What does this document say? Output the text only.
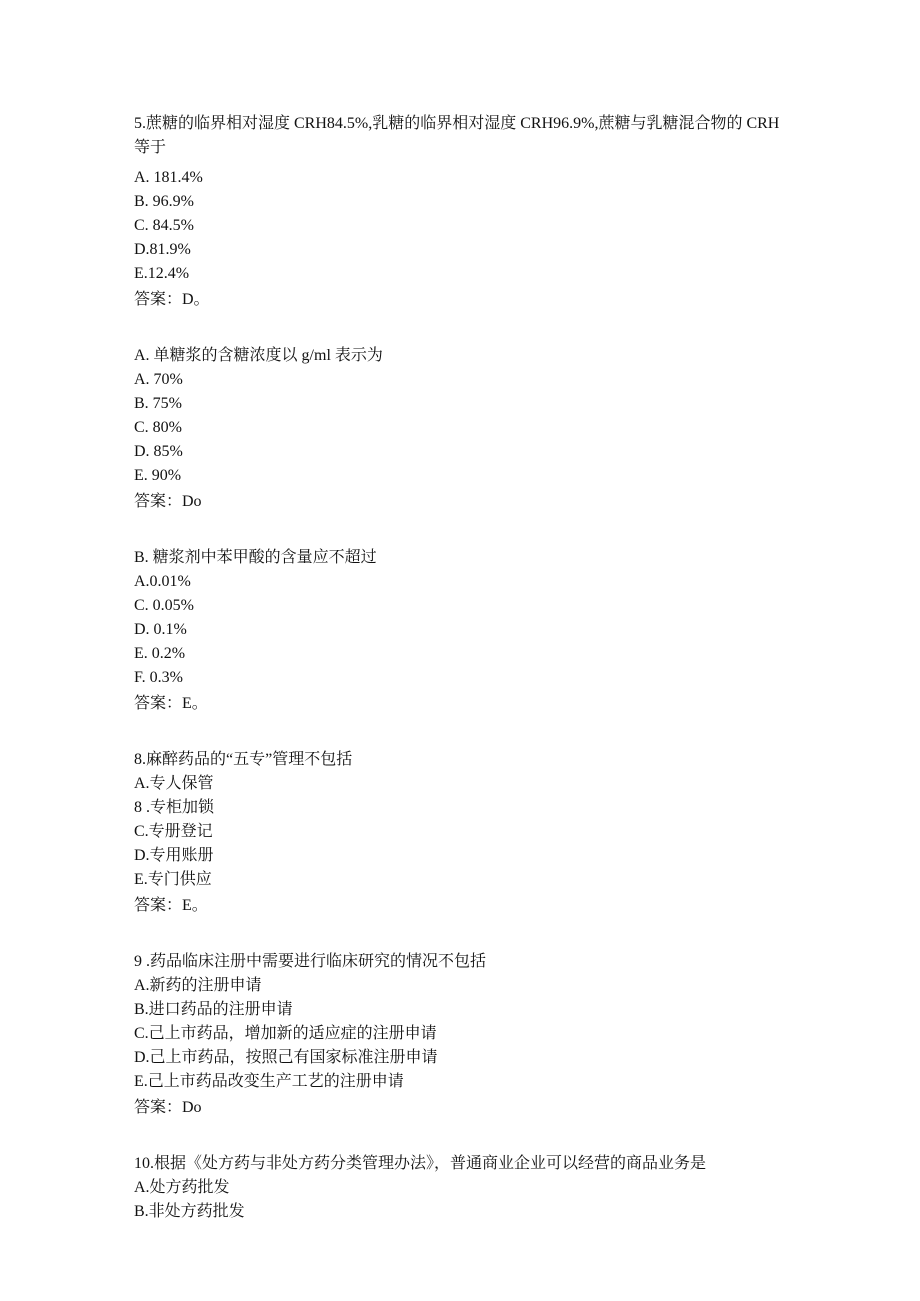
5.蔗糖的临界相对湿度 CRH84.5%,乳糖的临界相对湿度 CRH96.9%,蔗糖与乳糖混合物的 CRH 等于

A. 181.4%

B. 96.9%

C. 84.5%

D.81.9%

E.12.4%

答案：D。

A. 单糖浆的含糖浓度以 g/ml 表示为

A. 70%

B. 75%

C. 80%

D. 85%

E. 90%

答案：Do

B. 糖浆剂中苯甲酸的含量应不超过

A.0.01%

C. 0.05%

D. 0.1%

E. 0.2%

F. 0.3%

答案：E。

8.麻醉药品的“五专”管理不包括

A.专人保管

8 .专柜加锁

C.专册登记

D.专用账册

E.专门供应

答案：E。

9 .药品临床注册中需要进行临床研究的情况不包括

A.新药的注册申请

B.进口药品的注册申请

C.己上市药品，增加新的适应症的注册申请

D.己上市药品，按照己有国家标准注册申请

E.己上市药品改变生产工艺的注册申请

答案：Do

10.根据《处方药与非处方药分类管理办法》，普通商业企业可以经营的商品业务是

A.处方药批发

B.非处方药批发
